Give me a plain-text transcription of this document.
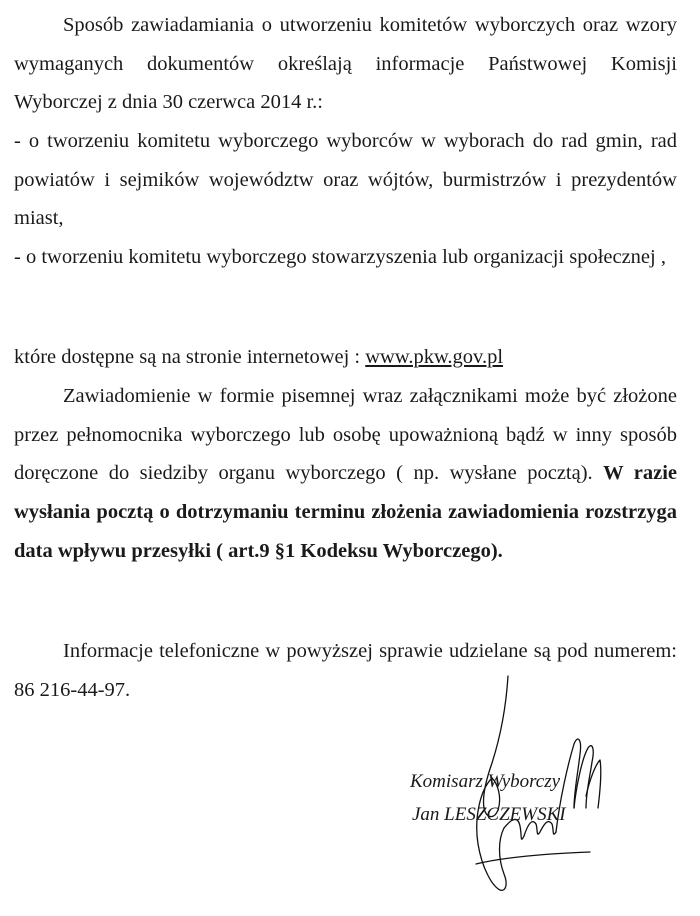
Sposób zawiadamiania o utworzeniu komitetów wyborczych oraz wzory wymaganych dokumentów określają informacje Państwowej Komisji Wyborczej z dnia 30 czerwca 2014 r.:

- o tworzeniu komitetu wyborczego wyborców w wyborach do rad gmin, rad powiatów i sejmików województw oraz wójtów, burmistrzów i prezydentów miast,

- o tworzeniu komitetu wyborczego stowarzyszenia lub organizacji społecznej ,

które dostępne są na stronie internetowej : www.pkw.gov.pl

Zawiadomienie w formie pisemnej wraz załącznikami może być złożone przez pełnomocnika wyborczego lub osobę upoważnioną bądź w inny sposób doręczone do siedziby organu wyborczego ( np. wysłane pocztą). W razie wysłania pocztą o dotrzymaniu terminu złożenia zawiadomienia rozstrzyga data wpływu przesyłki ( art.9 §1 Kodeksu Wyborczego).

Informacje telefoniczne w powyższej sprawie udzielane są pod numerem: 86 216-44-97.

Komisarz Wyborczy
Jan LESZCZEWSKI
